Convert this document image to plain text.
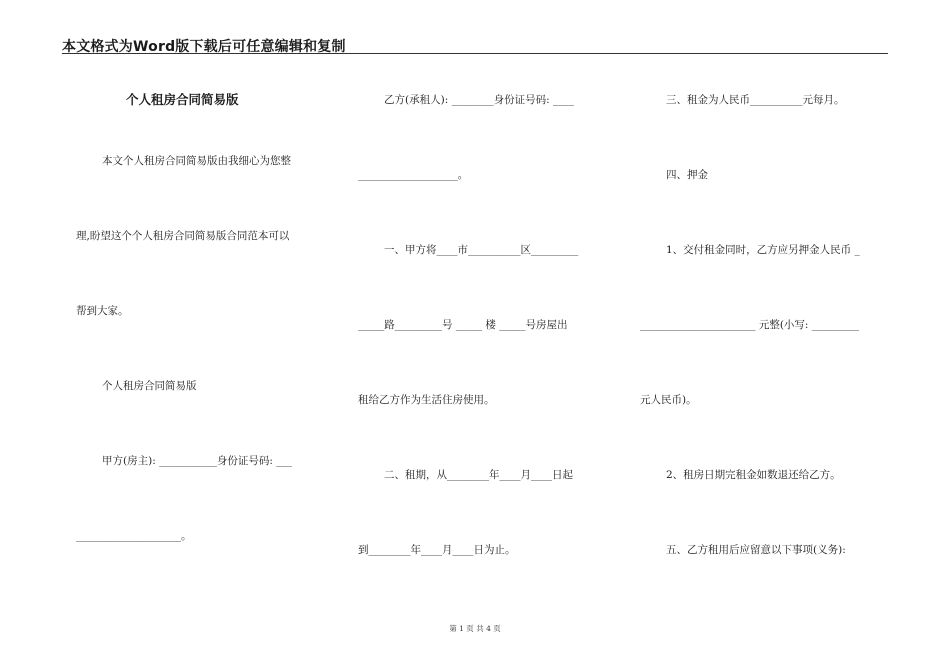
本文格式为Word版下载后可任意编辑和复制
个人租房合同简易版
本文个人租房合同简易版由我细心为您整
理,盼望这个个人租房合同简易版合同范本可以
帮到大家。
个人租房合同简易版
甲方(房主): ___________身份证号码: ___
____________________。
乙方(承租人): ________身份证号码: ____
___________________。
一、甲方将____市__________区_________
_____路_________号 _____ 楼 _____号房屋出
租给乙方作为生活住房使用。
二、租期，从________年____月____日起
到________年____月____日为止。
三、租金为人民币__________元每月。
四、押金
1、交付租金同时，乙方应另押金人民币 _
______________________ 元整(小写: _________
元人民币)。
2、租房日期完租金如数退还给乙方。
五、乙方租用后应留意以下事项(义务):
第 1 页 共 4 页
